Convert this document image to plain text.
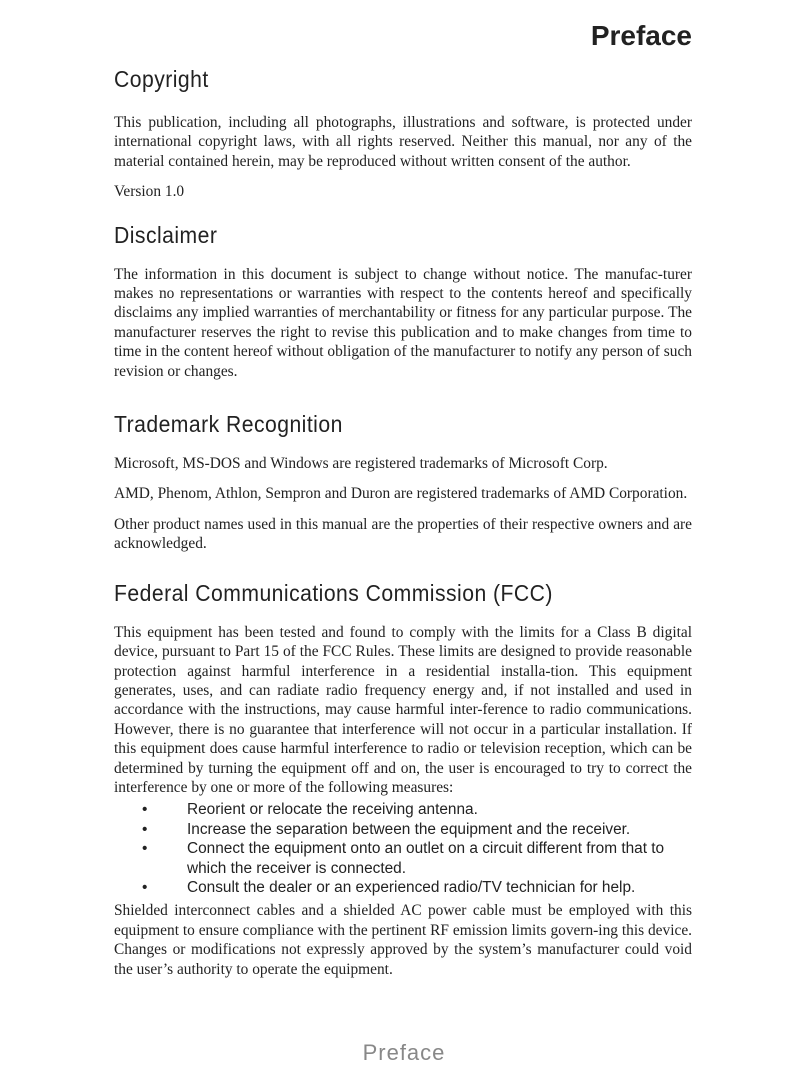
Preface
Copyright

This publication, including all photographs, illustrations and software, is protected under international copyright laws, with all rights reserved. Neither this manual, nor any of the material contained herein, may be reproduced without written consent of the author.

Version 1.0

Disclaimer

The information in this document is subject to change without notice. The manufac-turer makes no representations or warranties with respect to the contents hereof and specifically disclaims any implied warranties of merchantability or fitness for any particular purpose. The manufacturer reserves the right to revise this publication and to make changes from time to time in the content hereof without obligation of the manufacturer to notify any person of such revision or changes.

Trademark Recognition

Microsoft, MS-DOS and Windows are registered trademarks of Microsoft Corp.

AMD, Phenom, Athlon, Sempron and Duron are registered trademarks of AMD Corporation.

Other product names used in this manual are the properties of their respective owners and are acknowledged.

Federal Communications Commission (FCC)

This equipment has been tested and found to comply with the limits for a Class B digital device, pursuant to Part 15 of the FCC Rules. These limits are designed to provide reasonable protection against harmful interference in a residential installa-tion. This equipment generates, uses, and can radiate radio frequency energy and, if not installed and used in accordance with the instructions, may cause harmful inter-ference to radio communications. However, there is no guarantee that interference will not occur in a particular installation. If this equipment does cause harmful interference to radio or television reception, which can be determined by turning the equipment off and on, the user is encouraged to try to correct the interference by one or more of the following measures:

•	Reorient or relocate the receiving antenna.
•	Increase the separation between the equipment and the receiver.
•	Connect the equipment onto an outlet on a circuit different from that to which the receiver is connected.
•	Consult the dealer or an experienced radio/TV technician for help.

Shielded interconnect cables and a shielded AC power cable must be employed with this equipment to ensure compliance with the pertinent RF emission limits govern-ing this device. Changes or modifications not expressly approved by the system’s manufacturer could void the user’s authority to operate the equipment.

Preface
